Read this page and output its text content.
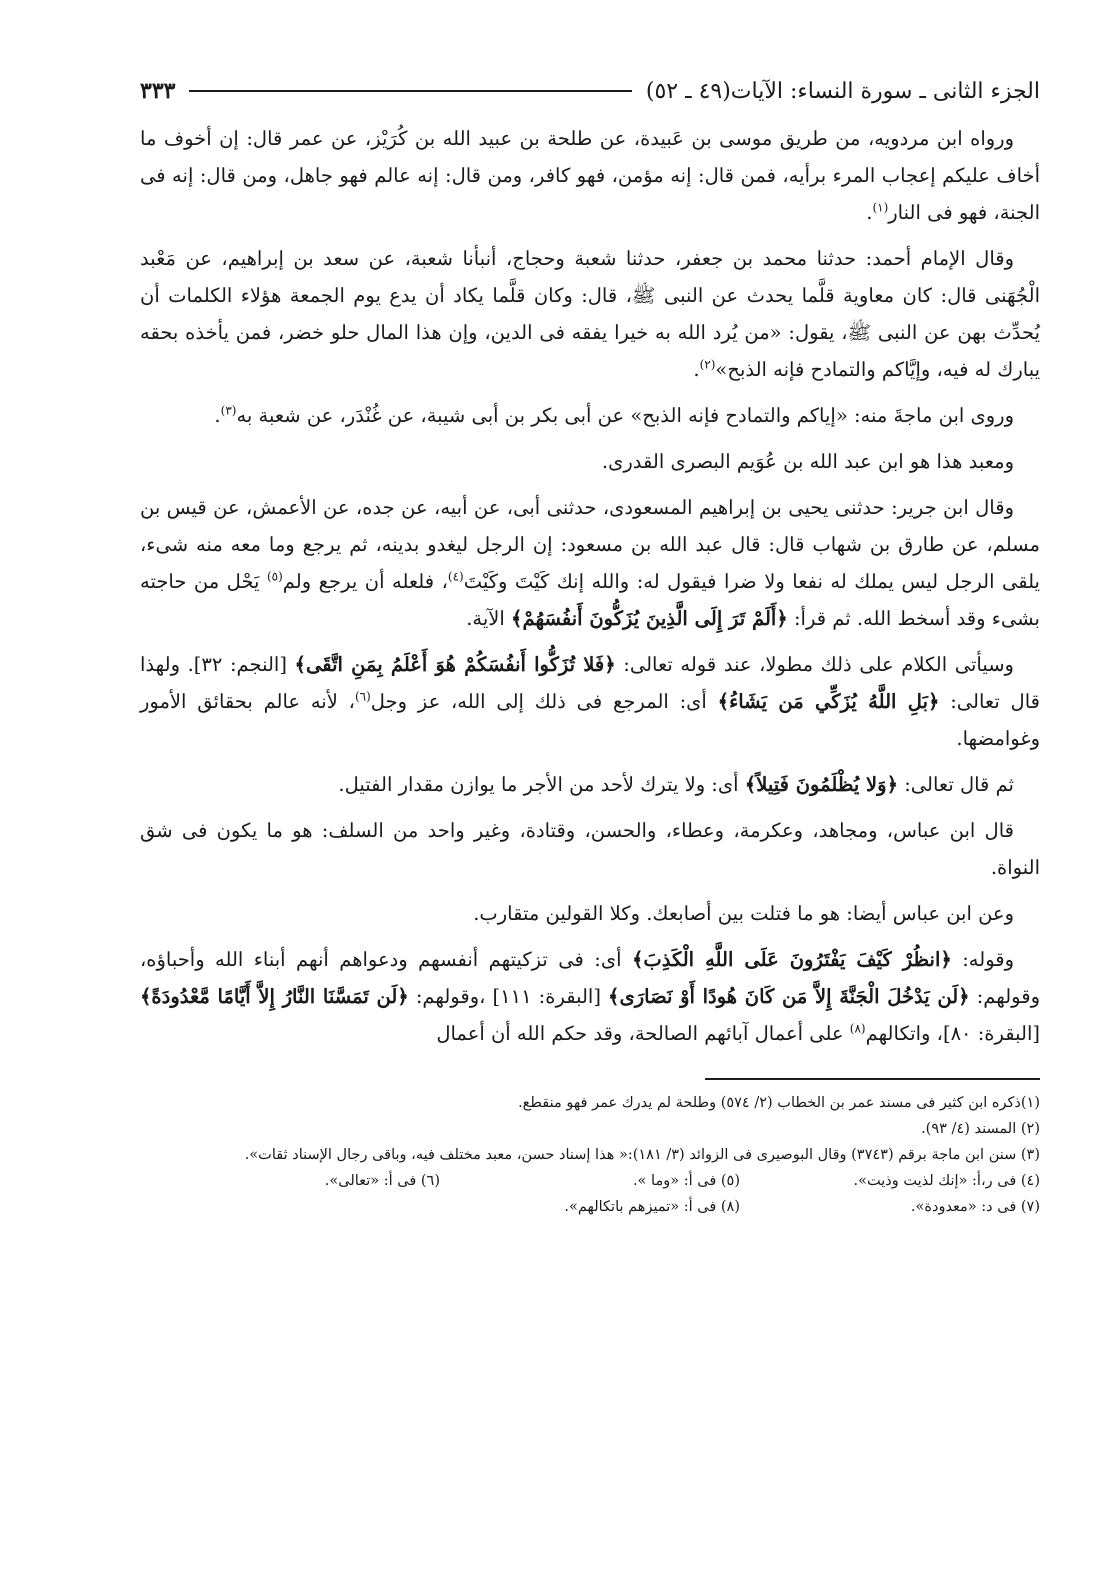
الجزء الثانى ـ سورة النساء: الآيات(٤٩ ـ ٥٢)
٣٣٣

ورواه ابن مردويه، من طريق موسى بن عَبيدة، عن طلحة بن عبيد الله بن كُرَيْز، عن عمر قال: إن أخوف ما أخاف عليكم إعجاب المرء برأيه، فمن قال: إنه مؤمن، فهو كافر، ومن قال: إنه عالم فهو جاهل، ومن قال: إنه فى الجنة، فهو فى النار$^{(١)}$.

وقال الإمام أحمد: حدثنا محمد بن جعفر، حدثنا شعبة وحجاج، أنبأنا شعبة، عن سعد بن إبراهيم، عن مَعْبد الْجُهَنى قال: كان معاوية قلَّما يحدث عن النبى ﷺ، قال: وكان قلَّما يكاد أن يدع يوم الجمعة هؤلاء الكلمات أن يُحدِّث بهن عن النبى ﷺ، يقول: «من يُرد الله به خيرا يفقه فى الدين، وإن هذا المال حلو خضر، فمن يأخذه بحقه يبارك له فيه، وإيَّاكم والتمادح فإنه الذبح»$^{(٢)}$.

وروى ابن ماجةَ منه: «إياكم والتمادح فإنه الذبح» عن أبى بكر بن أبى شيبة، عن غُنْدَر، عن شعبة به$^{(٣)}$.

ومعبد هذا هو ابن عبد الله بن عُوَيم البصرى القدرى.

وقال ابن جرير: حدثنى يحيى بن إبراهيم المسعودى، حدثنى أبى، عن أبيه، عن جده، عن الأعمش، عن قيس بن مسلم، عن طارق بن شهاب قال: قال عبد الله بن مسعود: إن الرجل ليغدو بدينه، ثم يرجع وما معه منه شىء، يلقى الرجل ليس يملك له نفعا ولا ضرا فيقول له: والله إنك كَيْتَ وكَيْتَ$^{(٤)}$، فلعله أن يرجع ولم$^{(٥)}$ يَحْل من حاجته بشىء وقد أسخط الله. ثم قرأ: ﴿أَلَمْ تَرَ إِلَى الَّذِينَ يُزَكُّونَ أَنفُسَهُمْ﴾ الآية.

وسيأتى الكلام على ذلك مطولا، عند قوله تعالى: ﴿فَلا تُزَكُّوا أَنفُسَكُمْ هُوَ أَعْلَمُ بِمَنِ اتَّقَى﴾ [النجم: ٣٢]. ولهذا قال تعالى: ﴿بَلِ اللَّهُ يُزَكِّي مَن يَشَاءُ﴾ أى: المرجع فى ذلك إلى الله، عز وجل$^{(٦)}$، لأنه عالم بحقائق الأمور وغوامضها.

ثم قال تعالى: ﴿وَلا يُظْلَمُونَ فَتِيلاً﴾ أى: ولا يترك لأحد من الأجر ما يوازن مقدار الفتيل.

قال ابن عباس، ومجاهد، وعكرمة، وعطاء، والحسن، وقتادة، وغير واحد من السلف: هو ما يكون فى شق النواة.

وعن ابن عباس أيضا: هو ما فتلت بين أصابعك. وكلا القولين متقارب.

وقوله: ﴿انظُرْ كَيْفَ يَفْتَرُونَ عَلَى اللَّهِ الْكَذِبَ﴾ أى: فى تزكيتهم أنفسهم ودعواهم أنهم أبناء الله وأحباؤه، وقولهم: ﴿لَن يَدْخُلَ الْجَنَّةَ إِلاَّ مَن كَانَ هُودًا أَوْ نَصَارَى﴾ [البقرة: ١١١] ،وقولهم: ﴿لَن تَمَسَّنَا النَّارُ إِلاَّ أَيَّامًا مَّعْدُودَةً﴾ [البقرة: ٨٠]، واتكالهم$^{(٨)}$ على أعمال آبائهم الصالحة، وقد حكم الله أن أعمال

(١)ذكره ابن كثير فى مسند عمر بن الخطاب (٢/ ٥٧٤) وطلحة لم يدرك عمر فهو منقطع.

(٢) المسند (٤/ ٩٣).

(٣) سنن ابن ماجة برقم (٣٧٤٣) وقال البوصيرى فى الزوائد (٣/ ١٨١):« هذا إسناد حسن، معبد مختلف فيه، وباقى رجال الإسناد ثقات».

(٤) فى ر،أ: «إنك لذيت وذيت».
(٥) فى أ: «وما ».
(٦) فى أ: «تعالى».
(٧) فى د: «معدودة».
(٨) فى أ: «تميزهم باتكالهم».
